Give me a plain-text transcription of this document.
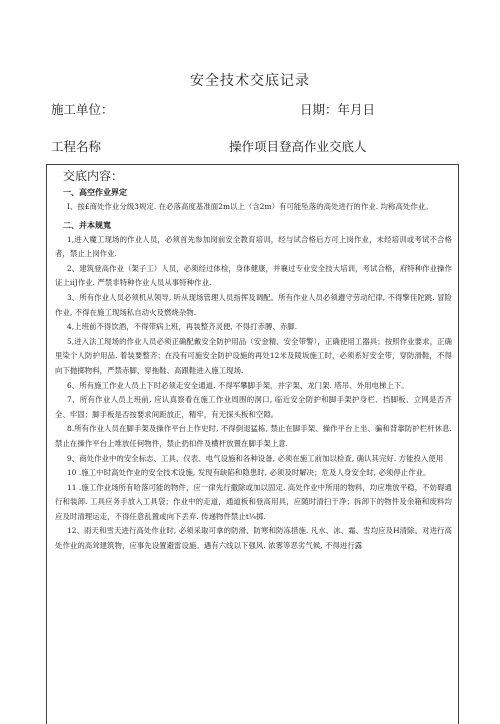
安全技术交底记录
施工单位：	日期：年月日
工程名称	操作项目登高作业交底人
交底内容：
一、高空作业界定

I、按£商处作业分级3规定. 在必落高度基准面2m以上（含2m）有可能坠落的高处进行的作业. 均称高处作业。

二、并本规寬

1,进入魔工现场的作业人员，必须首先参加岗前安全教育培训，经与试合格后方可上岗作业，未经培训或考试不合格者，禁止上岗作业.

2、建筑登高作业（架子工）人员，必须经过体检，身体健康，并襄过专业安全技大培训，考试合格，府特种作业操作证上iiJ作业. 严禁非特种作业人员从事特种作业.

3、所有作业人员必须机从领导, 听从现场管理人员指挥及调配。所有作业人员必须遵守劳动纪律, 不得擎佳陀跳. 冒险作业, 不得在施工现场私自动火及燃烧杂物.

4,上班前不得饮酒，不得带病上班，再装整齐灵便, 不得打赤膊、赤脚.

5,迸入法工现场的作业人员必须正确配戴安全防护用品（安金精、安全带警），正确使用工器具；按照作业要求，正确里染个人防护用品. 着装要整齐；在没有可施安全防护设施的再处12米及陵坂施工时，必须系好安全带，穿防滑鞋，不得向下抛掷物料，严禁赤脚、穿拖鞋、高跟鞋进入施工现场.

6、所有施工作业人员上下时必须走安全通道. 不得军攀脚手架、井字架、龙门架. 塔吊、外用电梯上下。

7、所有作业人员上班前, 应认真察看在施工作业周围的洞口, 临近安全防护和脚手架护身栏、挡脚板、立网是否齐全、牢固；脚手板是否按要求间距放正，精牢，有无探头板和空隙。

8.所有作业人员在脚手架及操作平台上作史时, 不得倒退猛栋, 禁止在脚手架、操作平台上坐、骗和背靠防护栏杆休息. 禁止在操作平台上堆放任何物件，禁止扔扣件及横杆放置在脚手架上意.

9、商处作业中的安全标志、工具、仪表、电气设施和各种设备, 必须在施工前加以检查, 确认其完好. 方能投入使用

10 .施工中时高处作业的安全技术设施, 发现有缺陷和隐患时, 必须及时解决；危及人身安全时, 必须停止作业。

11 .施工作业场所有哈落可能的物件，应一律先行撒除或加以固定. 高处作业中所用的物料，均应堆放平稳，不妨碍通行和装卸. 工具应务手放入工具袋；作业中的走道，通道板和登高用具，应随时清扫干净；拆卸下的物件及余箱和废料均应及时清理运走，不得任意乱置或向下丢弃. 传递物件禁止t¼掷.

12、雨天和雪天进行高处作业时, 必须采取可拿的防滑、防寒和防冻措施. 凡水、冰、霜、雪均应及H清除。对进行高处作业的高耸建筑物，应事先设置避雷设施。遇有六线以下强风. 浓雾等恶劣气候, 不得进行露
